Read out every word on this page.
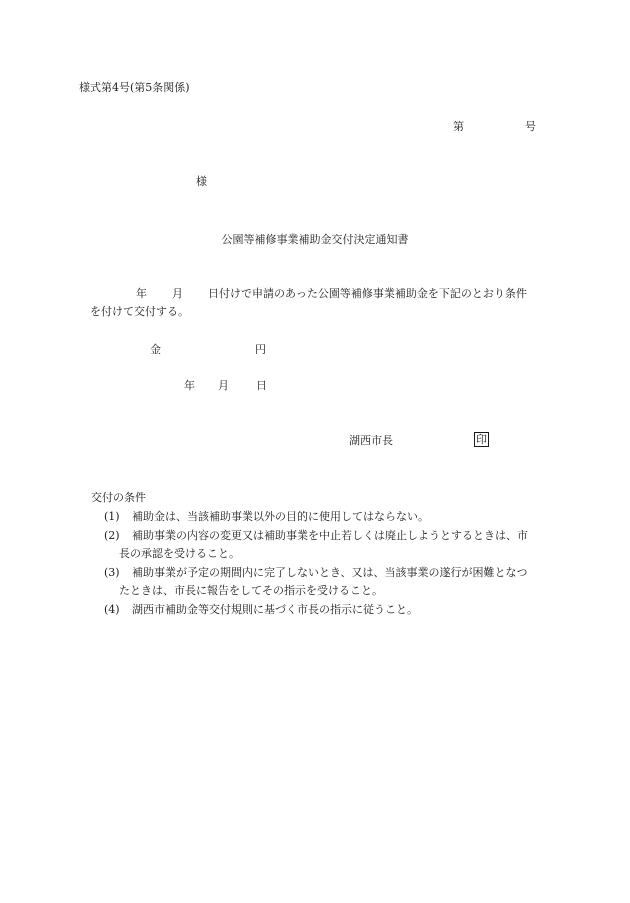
様式第4号(第5条関係)
第	号
様
公園等補修事業補助金交付決定通知書
年	月	日付けで申請のあった公園等補修事業補助金を下記のとおり条件
を付けて交付する。
金	円
年	月	日
湖西市長	印
交付の条件
(1)	補助金は、当該補助事業以外の目的に使用してはならない。
(2)	補助事業の内容の変更又は補助事業を中止若しくは廃止しようとするときは、市
長の承認を受けること。
(3)	補助事業が予定の期間内に完了しないとき、又は、当該事業の遂行が困難となつ
たときは、市長に報告をしてその指示を受けること。
(4)	湖西市補助金等交付規則に基づく市長の指示に従うこと。
